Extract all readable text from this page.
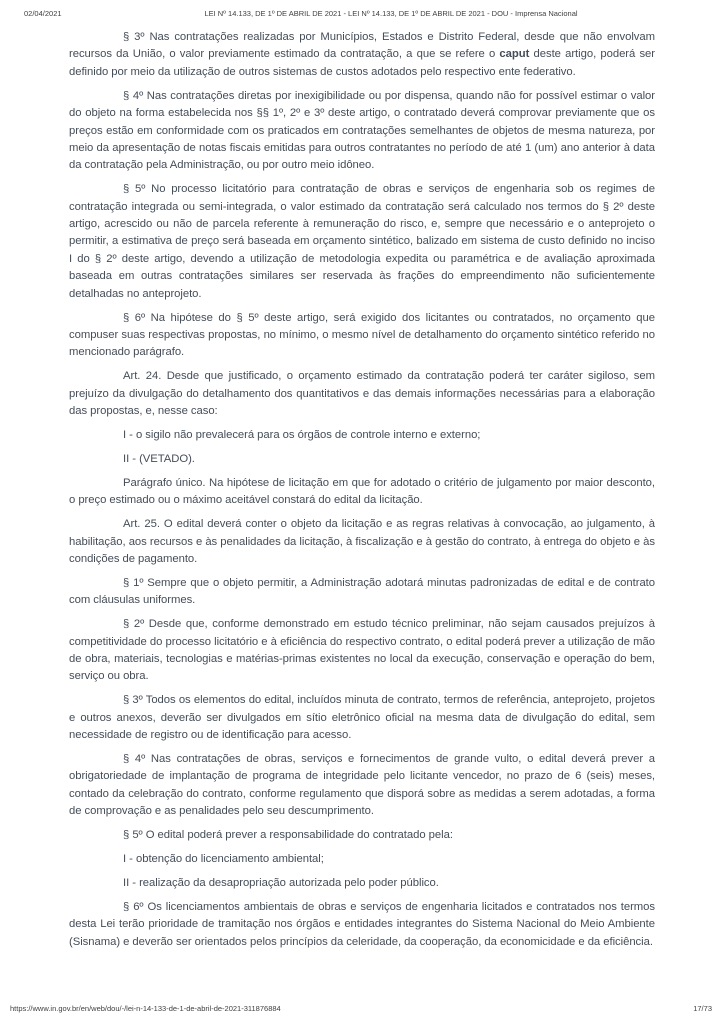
02/04/2021	LEI Nº 14.133, DE 1º DE ABRIL DE 2021 - LEI Nº 14.133, DE 1º DE ABRIL DE 2021 - DOU - Imprensa Nacional

§ 3º Nas contratações realizadas por Municípios, Estados e Distrito Federal, desde que não envolvam recursos da União, o valor previamente estimado da contratação, a que se refere o caput deste artigo, poderá ser definido por meio da utilização de outros sistemas de custos adotados pelo respectivo ente federativo.

§ 4º Nas contratações diretas por inexigibilidade ou por dispensa, quando não for possível estimar o valor do objeto na forma estabelecida nos §§ 1º, 2º e 3º deste artigo, o contratado deverá comprovar previamente que os preços estão em conformidade com os praticados em contratações semelhantes de objetos de mesma natureza, por meio da apresentação de notas fiscais emitidas para outros contratantes no período de até 1 (um) ano anterior à data da contratação pela Administração, ou por outro meio idôneo.

§ 5º No processo licitatório para contratação de obras e serviços de engenharia sob os regimes de contratação integrada ou semi-integrada, o valor estimado da contratação será calculado nos termos do § 2º deste artigo, acrescido ou não de parcela referente à remuneração do risco, e, sempre que necessário e o anteprojeto o permitir, a estimativa de preço será baseada em orçamento sintético, balizado em sistema de custo definido no inciso I do § 2º deste artigo, devendo a utilização de metodologia expedita ou paramétrica e de avaliação aproximada baseada em outras contratações similares ser reservada às frações do empreendimento não suficientemente detalhadas no anteprojeto.

§ 6º Na hipótese do § 5º deste artigo, será exigido dos licitantes ou contratados, no orçamento que compuser suas respectivas propostas, no mínimo, o mesmo nível de detalhamento do orçamento sintético referido no mencionado parágrafo.

Art. 24. Desde que justificado, o orçamento estimado da contratação poderá ter caráter sigiloso, sem prejuízo da divulgação do detalhamento dos quantitativos e das demais informações necessárias para a elaboração das propostas, e, nesse caso:

I - o sigilo não prevalecerá para os órgãos de controle interno e externo;

II - (VETADO).

Parágrafo único. Na hipótese de licitação em que for adotado o critério de julgamento por maior desconto, o preço estimado ou o máximo aceitável constará do edital da licitação.

Art. 25. O edital deverá conter o objeto da licitação e as regras relativas à convocação, ao julgamento, à habilitação, aos recursos e às penalidades da licitação, à fiscalização e à gestão do contrato, à entrega do objeto e às condições de pagamento.

§ 1º Sempre que o objeto permitir, a Administração adotará minutas padronizadas de edital e de contrato com cláusulas uniformes.

§ 2º Desde que, conforme demonstrado em estudo técnico preliminar, não sejam causados prejuízos à competitividade do processo licitatório e à eficiência do respectivo contrato, o edital poderá prever a utilização de mão de obra, materiais, tecnologias e matérias-primas existentes no local da execução, conservação e operação do bem, serviço ou obra.

§ 3º Todos os elementos do edital, incluídos minuta de contrato, termos de referência, anteprojeto, projetos e outros anexos, deverão ser divulgados em sítio eletrônico oficial na mesma data de divulgação do edital, sem necessidade de registro ou de identificação para acesso.

§ 4º Nas contratações de obras, serviços e fornecimentos de grande vulto, o edital deverá prever a obrigatoriedade de implantação de programa de integridade pelo licitante vencedor, no prazo de 6 (seis) meses, contado da celebração do contrato, conforme regulamento que disporá sobre as medidas a serem adotadas, a forma de comprovação e as penalidades pelo seu descumprimento.

§ 5º O edital poderá prever a responsabilidade do contratado pela:

I - obtenção do licenciamento ambiental;

II - realização da desapropriação autorizada pelo poder público.

§ 6º Os licenciamentos ambientais de obras e serviços de engenharia licitados e contratados nos termos desta Lei terão prioridade de tramitação nos órgãos e entidades integrantes do Sistema Nacional do Meio Ambiente (Sisnama) e deverão ser orientados pelos princípios da celeridade, da cooperação, da economicidade e da eficiência.

https://www.in.gov.br/en/web/dou/-/lei-n-14-133-de-1-de-abril-de-2021-311876884	17/73
